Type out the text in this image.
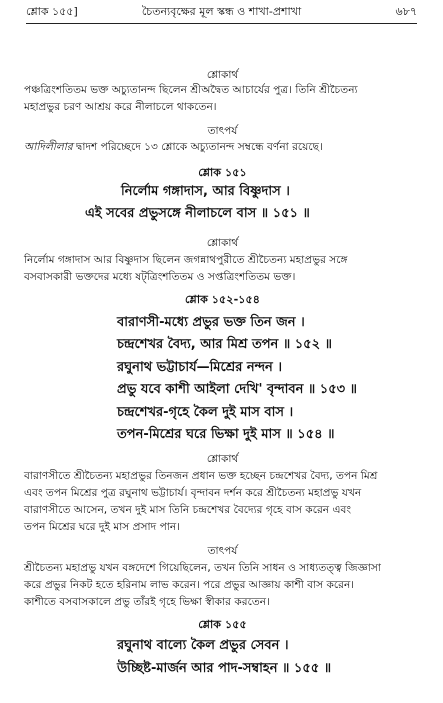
শ্লোক ১৫৫]	চৈতন্যবৃক্ষের মূল স্কন্ধ ও শাখা-প্রশাখা	৬৮৭
শ্লোকার্থ
পঞ্চত্রিংশতিতম ভক্ত অচ্যুতানন্দ ছিলেন শ্রীঅদ্বৈত আচার্যের পুত্র। তিনি শ্রীচৈতন্য
মহাপ্রভুর চরণ আশ্রয় করে নীলাচলে থাকতেন।
তাৎপর্য
আদিলীলার দ্বাদশ পরিচ্ছেদে ১৩ শ্লোকে অচ্যুতানন্দ সম্বন্ধে বর্ণনা রয়েছে।
শ্লোক ১৫১
নির্লোম গঙ্গাদাস, আর বিষ্ণুদাস ।
এই সবের প্রভুসঙ্গে নীলাচলে বাস ॥ ১৫১ ॥
শ্লোকার্থ
নির্লোম গঙ্গাদাস আর বিষ্ণুদাস ছিলেন জগন্নাথপুরীতে শ্রীচৈতন্য মহাপ্রভুর সঙ্গে
বসবাসকারী ভক্তদের মধ্যে ষট্‌ত্রিংশতিতম ও সপ্তত্রিংশতিতম ভক্ত।
শ্লোক ১৫২-১৫৪
বারাণসী-মধ্যে প্রভুর ভক্ত তিন জন ।
চন্দ্রশেখর বৈদ্য, আর মিশ্র তপন ॥ ১৫২ ॥
রঘুনাথ ভট্টাচার্য—মিশ্রের নন্দন ।
প্রভু যবে কাশী আইলা দেখি' বৃন্দাবন ॥ ১৫৩ ॥
চন্দ্রশেখর-গৃহে কৈল দুই মাস বাস ।
তপন-মিশ্রের ঘরে ভিক্ষা দুই মাস ॥ ১৫৪ ॥
শ্লোকার্থ
বারাণসীতে শ্রীচৈতন্য মহাপ্রভুর তিনজন প্রধান ভক্ত হচ্ছেন চন্দ্রশেখর বৈদ্য, তপন মিশ্র
এবং তপন মিশ্রের পুত্র রঘুনাথ ভট্টাচার্য। বৃন্দাবন দর্শন করে শ্রীচৈতন্য মহাপ্রভু যখন
বারাণসীতে আসেন, তখন দুই মাস তিনি চন্দ্রশেখর বৈদ্যের গৃহে বাস করেন এবং
তপন মিশ্রের ঘরে দুই মাস প্রসাদ পান।
তাৎপর্য
শ্রীচৈতন্য মহাপ্রভু যখন বঙ্গদেশে গিয়েছিলেন, তখন তিনি সাধন ও সাধ্যতত্ত্ব জিজ্ঞাসা
করে প্রভুর নিকট হতে হরিনাম লাভ করেন। পরে প্রভুর আজ্ঞায় কাশী বাস করেন।
কাশীতে বসবাসকালে প্রভু তাঁরই গৃহে ভিক্ষা স্বীকার করতেন।
শ্লোক ১৫৫
রঘুনাথ বাল্যে কৈল প্রভুর সেবন ।
উচ্ছিষ্ট-মার্জন আর পাদ-সম্বাহন ॥ ১৫৫ ॥
